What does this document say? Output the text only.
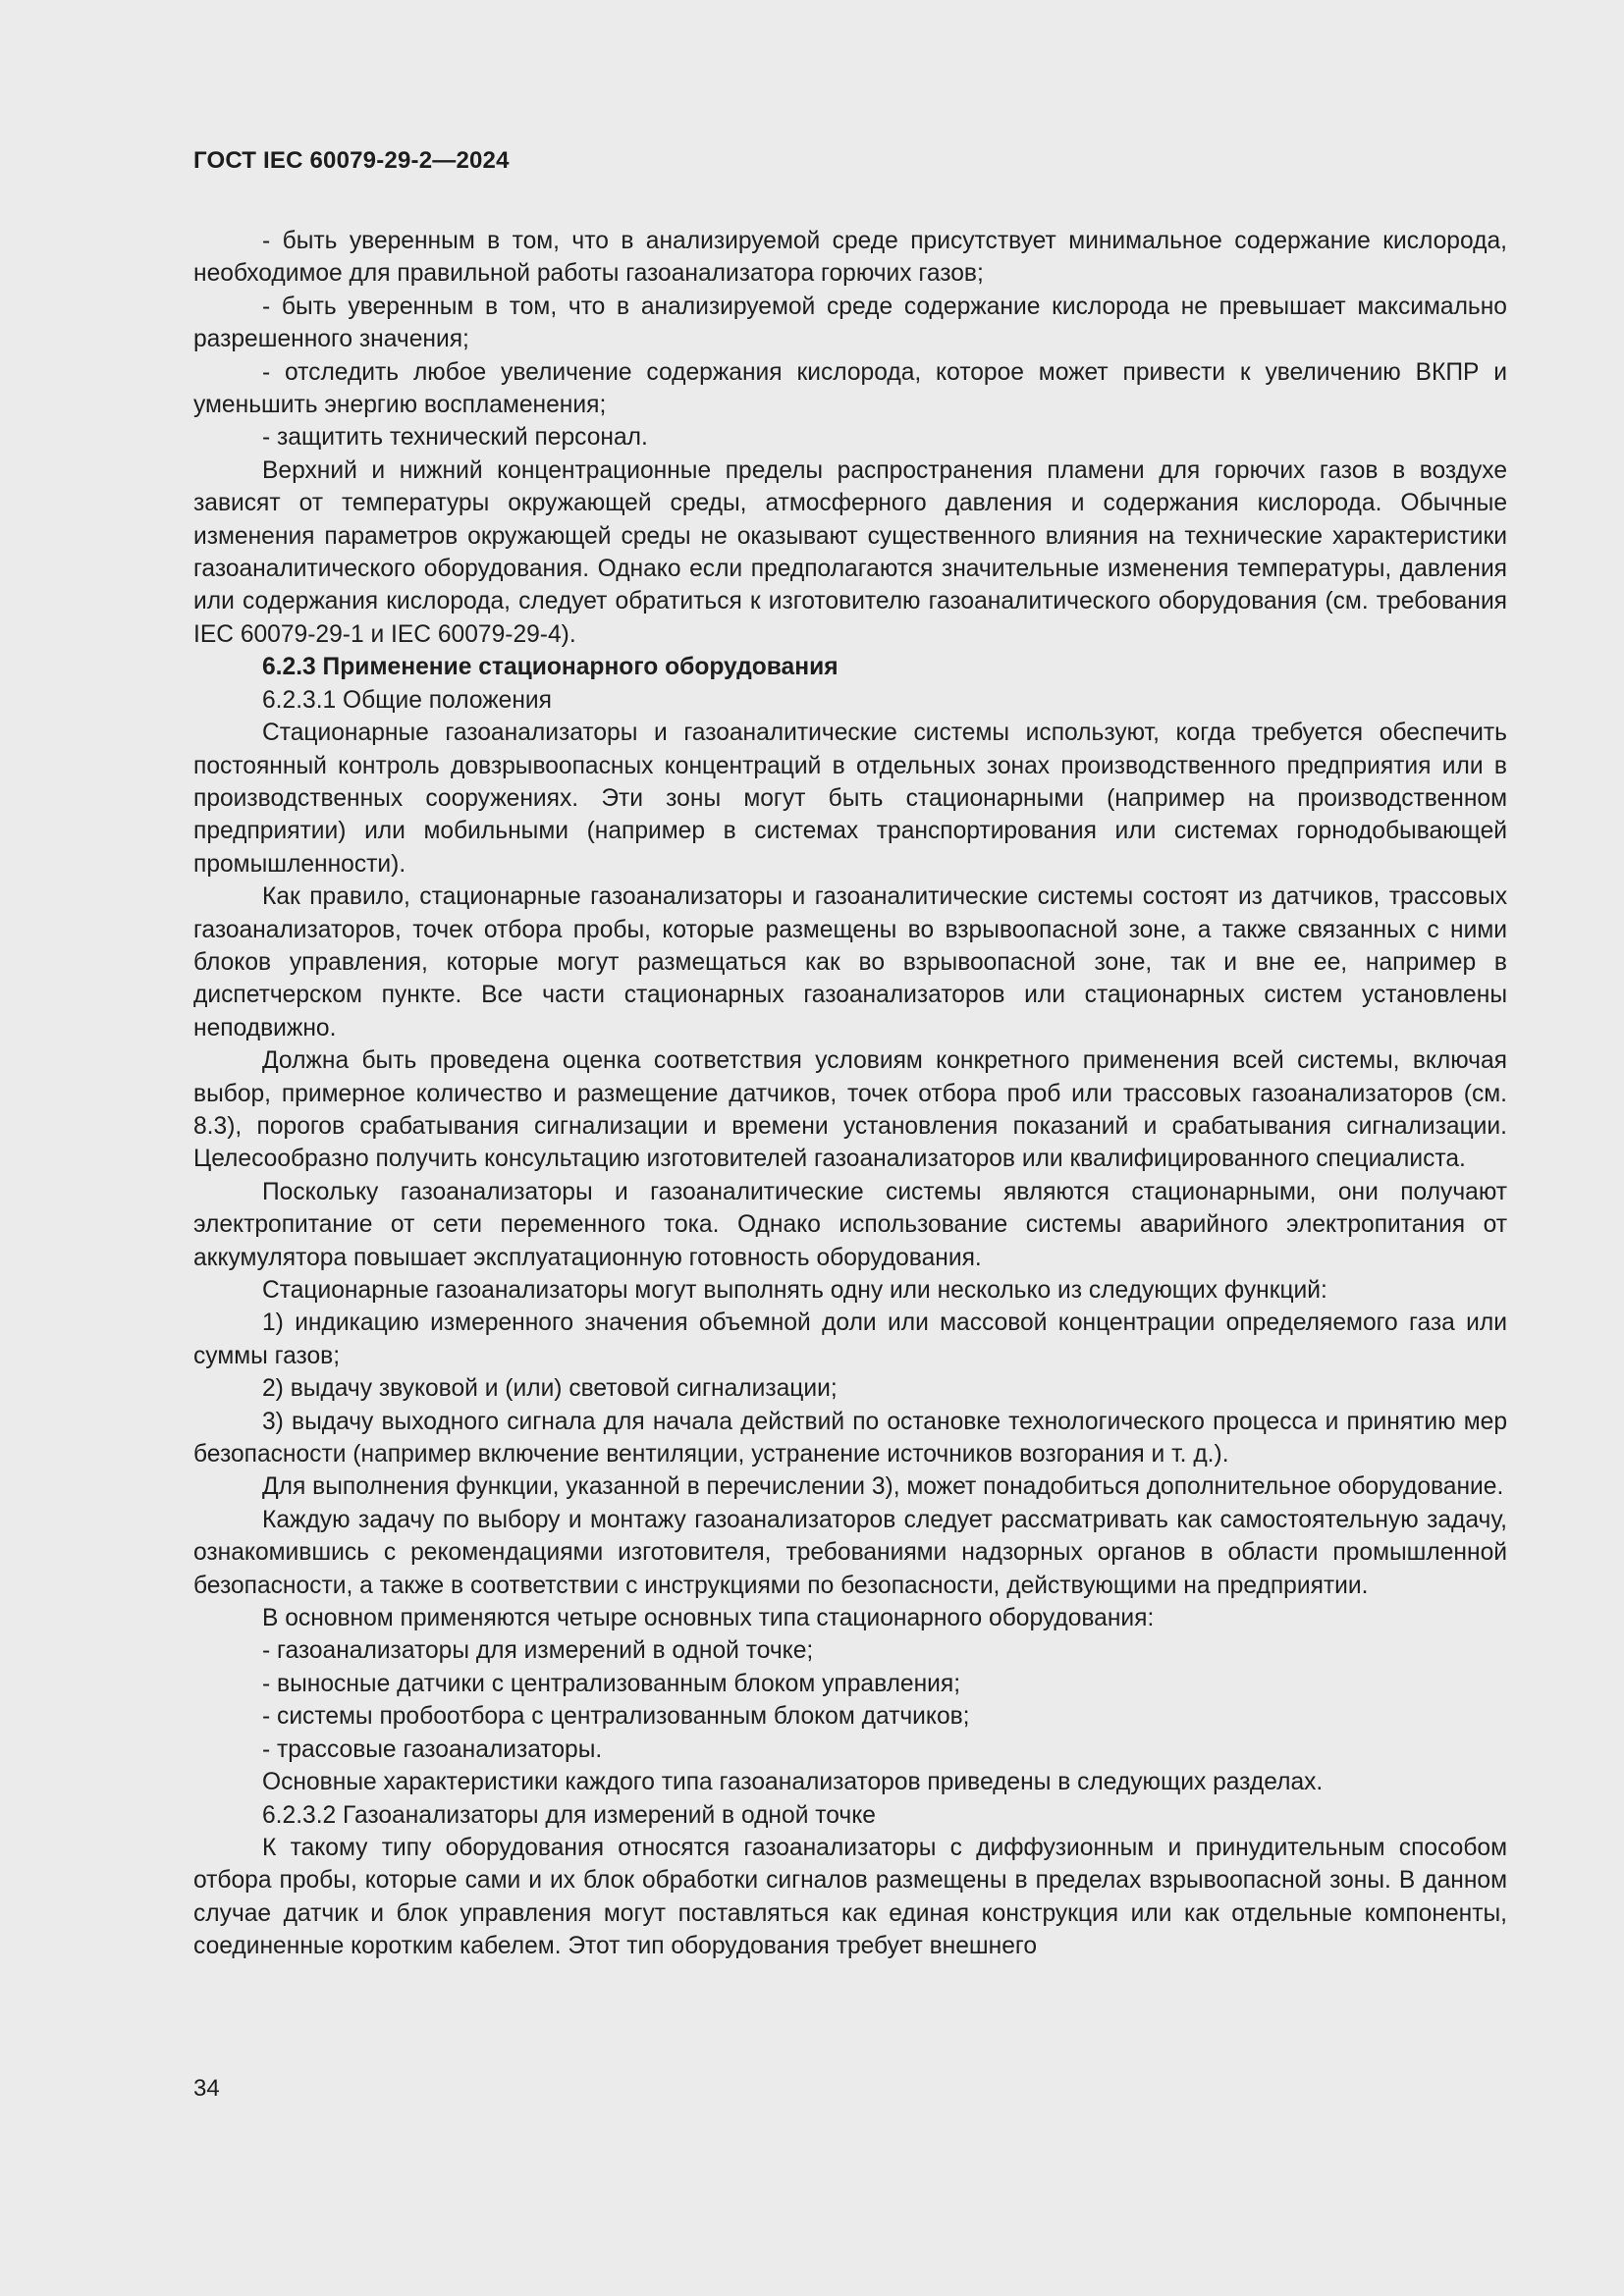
ГОСТ IEC 60079-29-2—2024

- быть уверенным в том, что в анализируемой среде присутствует минимальное содержание кислорода, необходимое для правильной работы газоанализатора горючих газов;

- быть уверенным в том, что в анализируемой среде содержание кислорода не превышает максимально разрешенного значения;

- отследить любое увеличение содержания кислорода, которое может привести к увеличению ВКПР и уменьшить энергию воспламенения;

- защитить технический персонал.

Верхний и нижний концентрационные пределы распространения пламени для горючих газов в воздухе зависят от температуры окружающей среды, атмосферного давления и содержания кислорода. Обычные изменения параметров окружающей среды не оказывают существенного влияния на технические характеристики газоаналитического оборудования. Однако если предполагаются значительные изменения температуры, давления или содержания кислорода, следует обратиться к изготовителю газоаналитического оборудования (см. требования IEC 60079-29-1 и IEC 60079-29-4).

6.2.3 Применение стационарного оборудования

6.2.3.1 Общие положения

Стационарные газоанализаторы и газоаналитические системы используют, когда требуется обеспечить постоянный контроль довзрывоопасных концентраций в отдельных зонах производственного предприятия или в производственных сооружениях. Эти зоны могут быть стационарными (например на производственном предприятии) или мобильными (например в системах транспортирования или системах горнодобывающей промышленности).

Как правило, стационарные газоанализаторы и газоаналитические системы состоят из датчиков, трассовых газоанализаторов, точек отбора пробы, которые размещены во взрывоопасной зоне, а также связанных с ними блоков управления, которые могут размещаться как во взрывоопасной зоне, так и вне ее, например в диспетчерском пункте. Все части стационарных газоанализаторов или стационарных систем установлены неподвижно.

Должна быть проведена оценка соответствия условиям конкретного применения всей системы, включая выбор, примерное количество и размещение датчиков, точек отбора проб или трассовых газоанализаторов (см. 8.3), порогов срабатывания сигнализации и времени установления показаний и срабатывания сигнализации. Целесообразно получить консультацию изготовителей газоанализаторов или квалифицированного специалиста.

Поскольку газоанализаторы и газоаналитические системы являются стационарными, они получают электропитание от сети переменного тока. Однако использование системы аварийного электропитания от аккумулятора повышает эксплуатационную готовность оборудования.

Стационарные газоанализаторы могут выполнять одну или несколько из следующих функций:

1) индикацию измеренного значения объемной доли или массовой концентрации определяемого газа или суммы газов;

2) выдачу звуковой и (или) световой сигнализации;

3) выдачу выходного сигнала для начала действий по остановке технологического процесса и принятию мер безопасности (например включение вентиляции, устранение источников возгорания и т. д.).

Для выполнения функции, указанной в перечислении 3), может понадобиться дополнительное оборудование.

Каждую задачу по выбору и монтажу газоанализаторов следует рассматривать как самостоятельную задачу, ознакомившись с рекомендациями изготовителя, требованиями надзорных органов в области промышленной безопасности, а также в соответствии с инструкциями по безопасности, действующими на предприятии.

В основном применяются четыре основных типа стационарного оборудования:

- газоанализаторы для измерений в одной точке;

- выносные датчики с централизованным блоком управления;

- системы пробоотбора с централизованным блоком датчиков;

- трассовые газоанализаторы.

Основные характеристики каждого типа газоанализаторов приведены в следующих разделах.

6.2.3.2 Газоанализаторы для измерений в одной точке

К такому типу оборудования относятся газоанализаторы с диффузионным и принудительным способом отбора пробы, которые сами и их блок обработки сигналов размещены в пределах взрывоопасной зоны. В данном случае датчик и блок управления могут поставляться как единая конструкция или как отдельные компоненты, соединенные коротким кабелем. Этот тип оборудования требует внешнего

34
